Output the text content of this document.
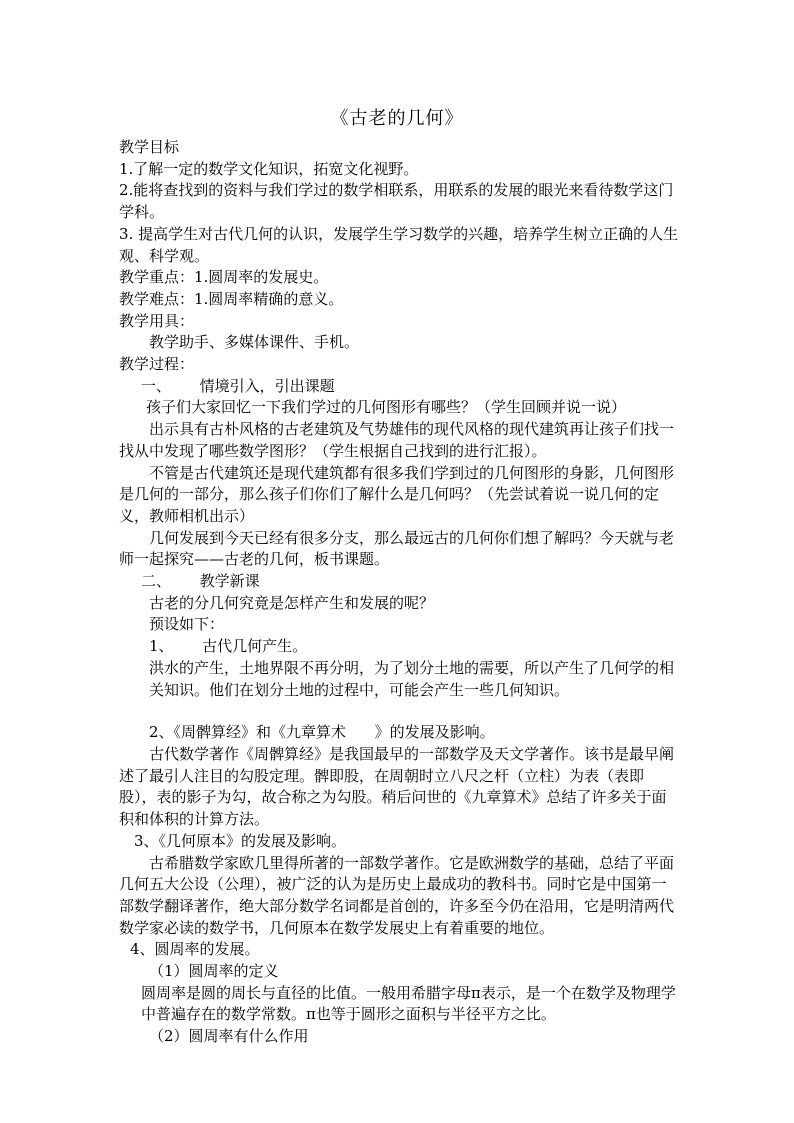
《古老的几何》

教学目标

1.了解一定的数学文化知识，拓宽文化视野。

2.能将查找到的资料与我们学过的数学相联系，用联系的发展的眼光来看待数学这门学科。

3. 提高学生对古代几何的认识，发展学生学习数学的兴趣，培养学生树立正确的人生观、科学观。

教学重点：1.圆周率的发展史。

教学难点：1.圆周率精确的意义。

教学用具：

教学助手、多媒体课件、手机。

教学过程：

一、      情境引入，引出课题

孩子们大家回忆一下我们学过的几何图形有哪些？（学生回顾并说一说）

出示具有古朴风格的古老建筑及气势雄伟的现代风格的现代建筑再让孩子们找一找从中发现了哪些数学图形？（学生根据自己找到的进行汇报）。

不管是古代建筑还是现代建筑都有很多我们学到过的几何图形的身影，几何图形是几何的一部分，那么孩子们你们了解什么是几何吗？（先尝试着说一说几何的定义，教师相机出示）

几何发展到今天已经有很多分支，那么最远古的几何你们想了解吗？今天就与老师一起探究——古老的几何，板书课题。

二、      教学新课

古老的分几何究竟是怎样产生和发展的呢？

预设如下：

1、      古代几何产生。

洪水的产生，土地界限不再分明，为了划分土地的需要，所以产生了几何学的相关知识。他们在划分土地的过程中，可能会产生一些几何知识。

2、《周髀算经》和《九章算术      》的发展及影响。

古代数学著作《周髀算经》是我国最早的一部数学及天文学著作。该书是最早阐述了最引人注目的勾股定理。髀即股，在周朝时立八尺之杆（立柱）为表（表即股），表的影子为勾，故合称之为勾股。稍后问世的《九章算术》总结了许多关于面积和体积的计算方法。

3、《几何原本》的发展及影响。

古希腊数学家欧几里得所著的一部数学著作。它是欧洲数学的基础，总结了平面几何五大公设（公理），被广泛的认为是历史上最成功的教科书。同时它是中国第一部数学翻译著作，绝大部分数学名词都是首创的，许多至今仍在沿用，它是明清两代数学家必读的数学书，几何原本在数学发展史上有着重要的地位。

4、圆周率的发展。

（1）圆周率的定义

圆周率是圆的周长与直径的比值。一般用希腊字母π表示，是一个在数学及物理学中普遍存在的数学常数。π也等于圆形之面积与半径平方之比。

（2）圆周率有什么作用
